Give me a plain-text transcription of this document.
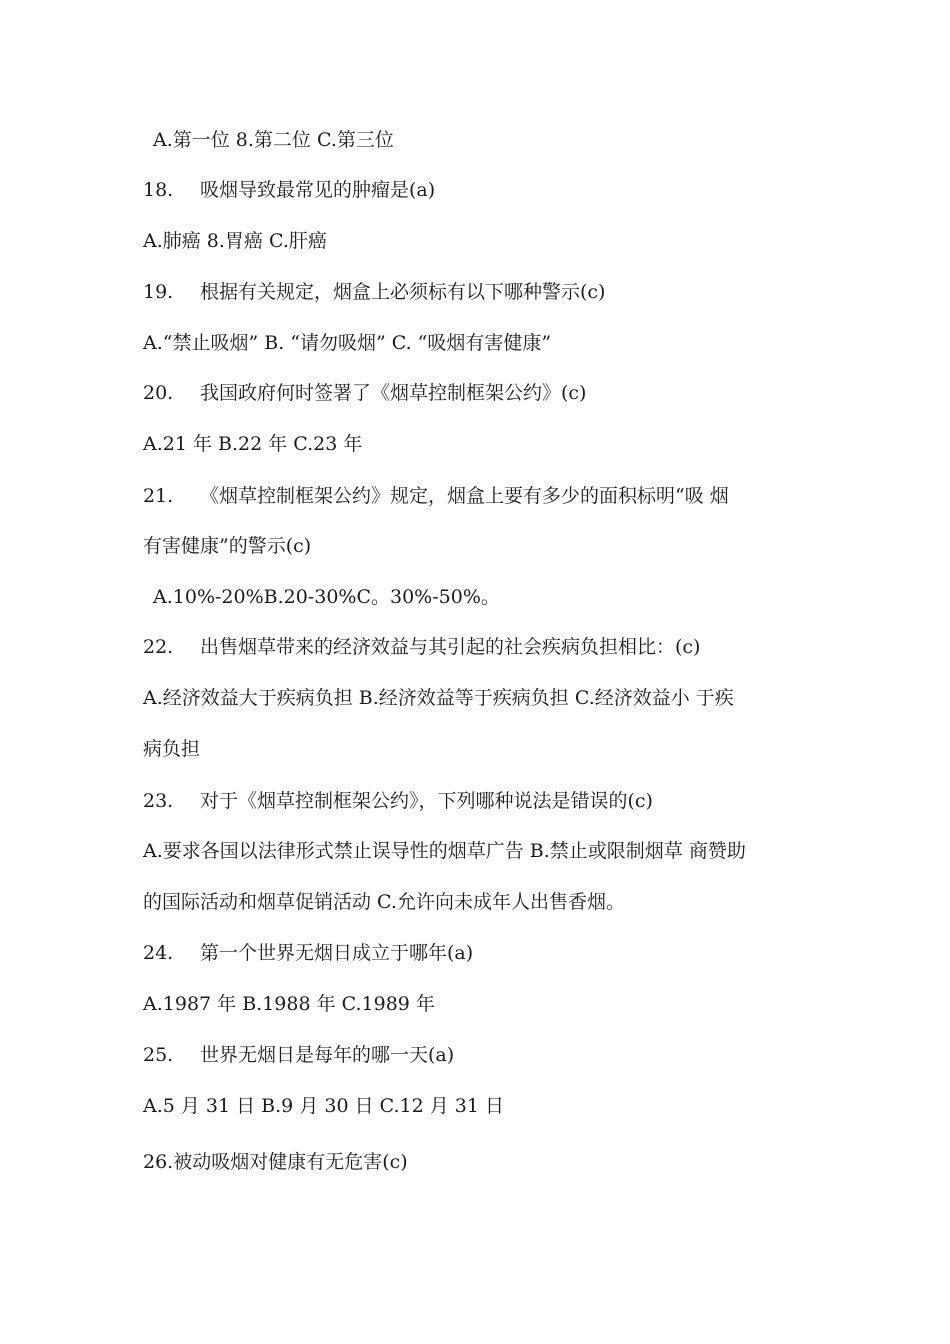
A.第一位 8.第二位 C.第三位
18. 吸烟导致最常见的肿瘤是(a)
A.肺癌 8.胃癌 C.肝癌
19. 根据有关规定，烟盒上必须标有以下哪种警示(c)
A.“禁止吸烟” B. “请勿吸烟” C. “吸烟有害健康”
20. 我国政府何时签署了《烟草控制框架公约》(c)
A.21 年 B.22 年 C.23 年
21. 《烟草控制框架公约》规定，烟盒上要有多少的面积标明“吸 烟
有害健康”的警示(c)
A.10%-20%B.20-30%C。30%-50%。
22. 出售烟草带来的经济效益与其引起的社会疾病负担相比：(c)
A.经济效益大于疾病负担 B.经济效益等于疾病负担 C.经济效益小 于疾
病负担
23. 对于《烟草控制框架公约》，下列哪种说法是错误的(c)
A.要求各国以法律形式禁止误导性的烟草广告 B.禁止或限制烟草 商赞助
的国际活动和烟草促销活动 C.允许向未成年人出售香烟。
24. 第一个世界无烟日成立于哪年(a)
A.1987 年 B.1988 年 C.1989 年
25. 世界无烟日是每年的哪一天(a)
A.5 月 31 日 B.9 月 30 日 C.12 月 31 日
26.被动吸烟对健康有无危害(c)
